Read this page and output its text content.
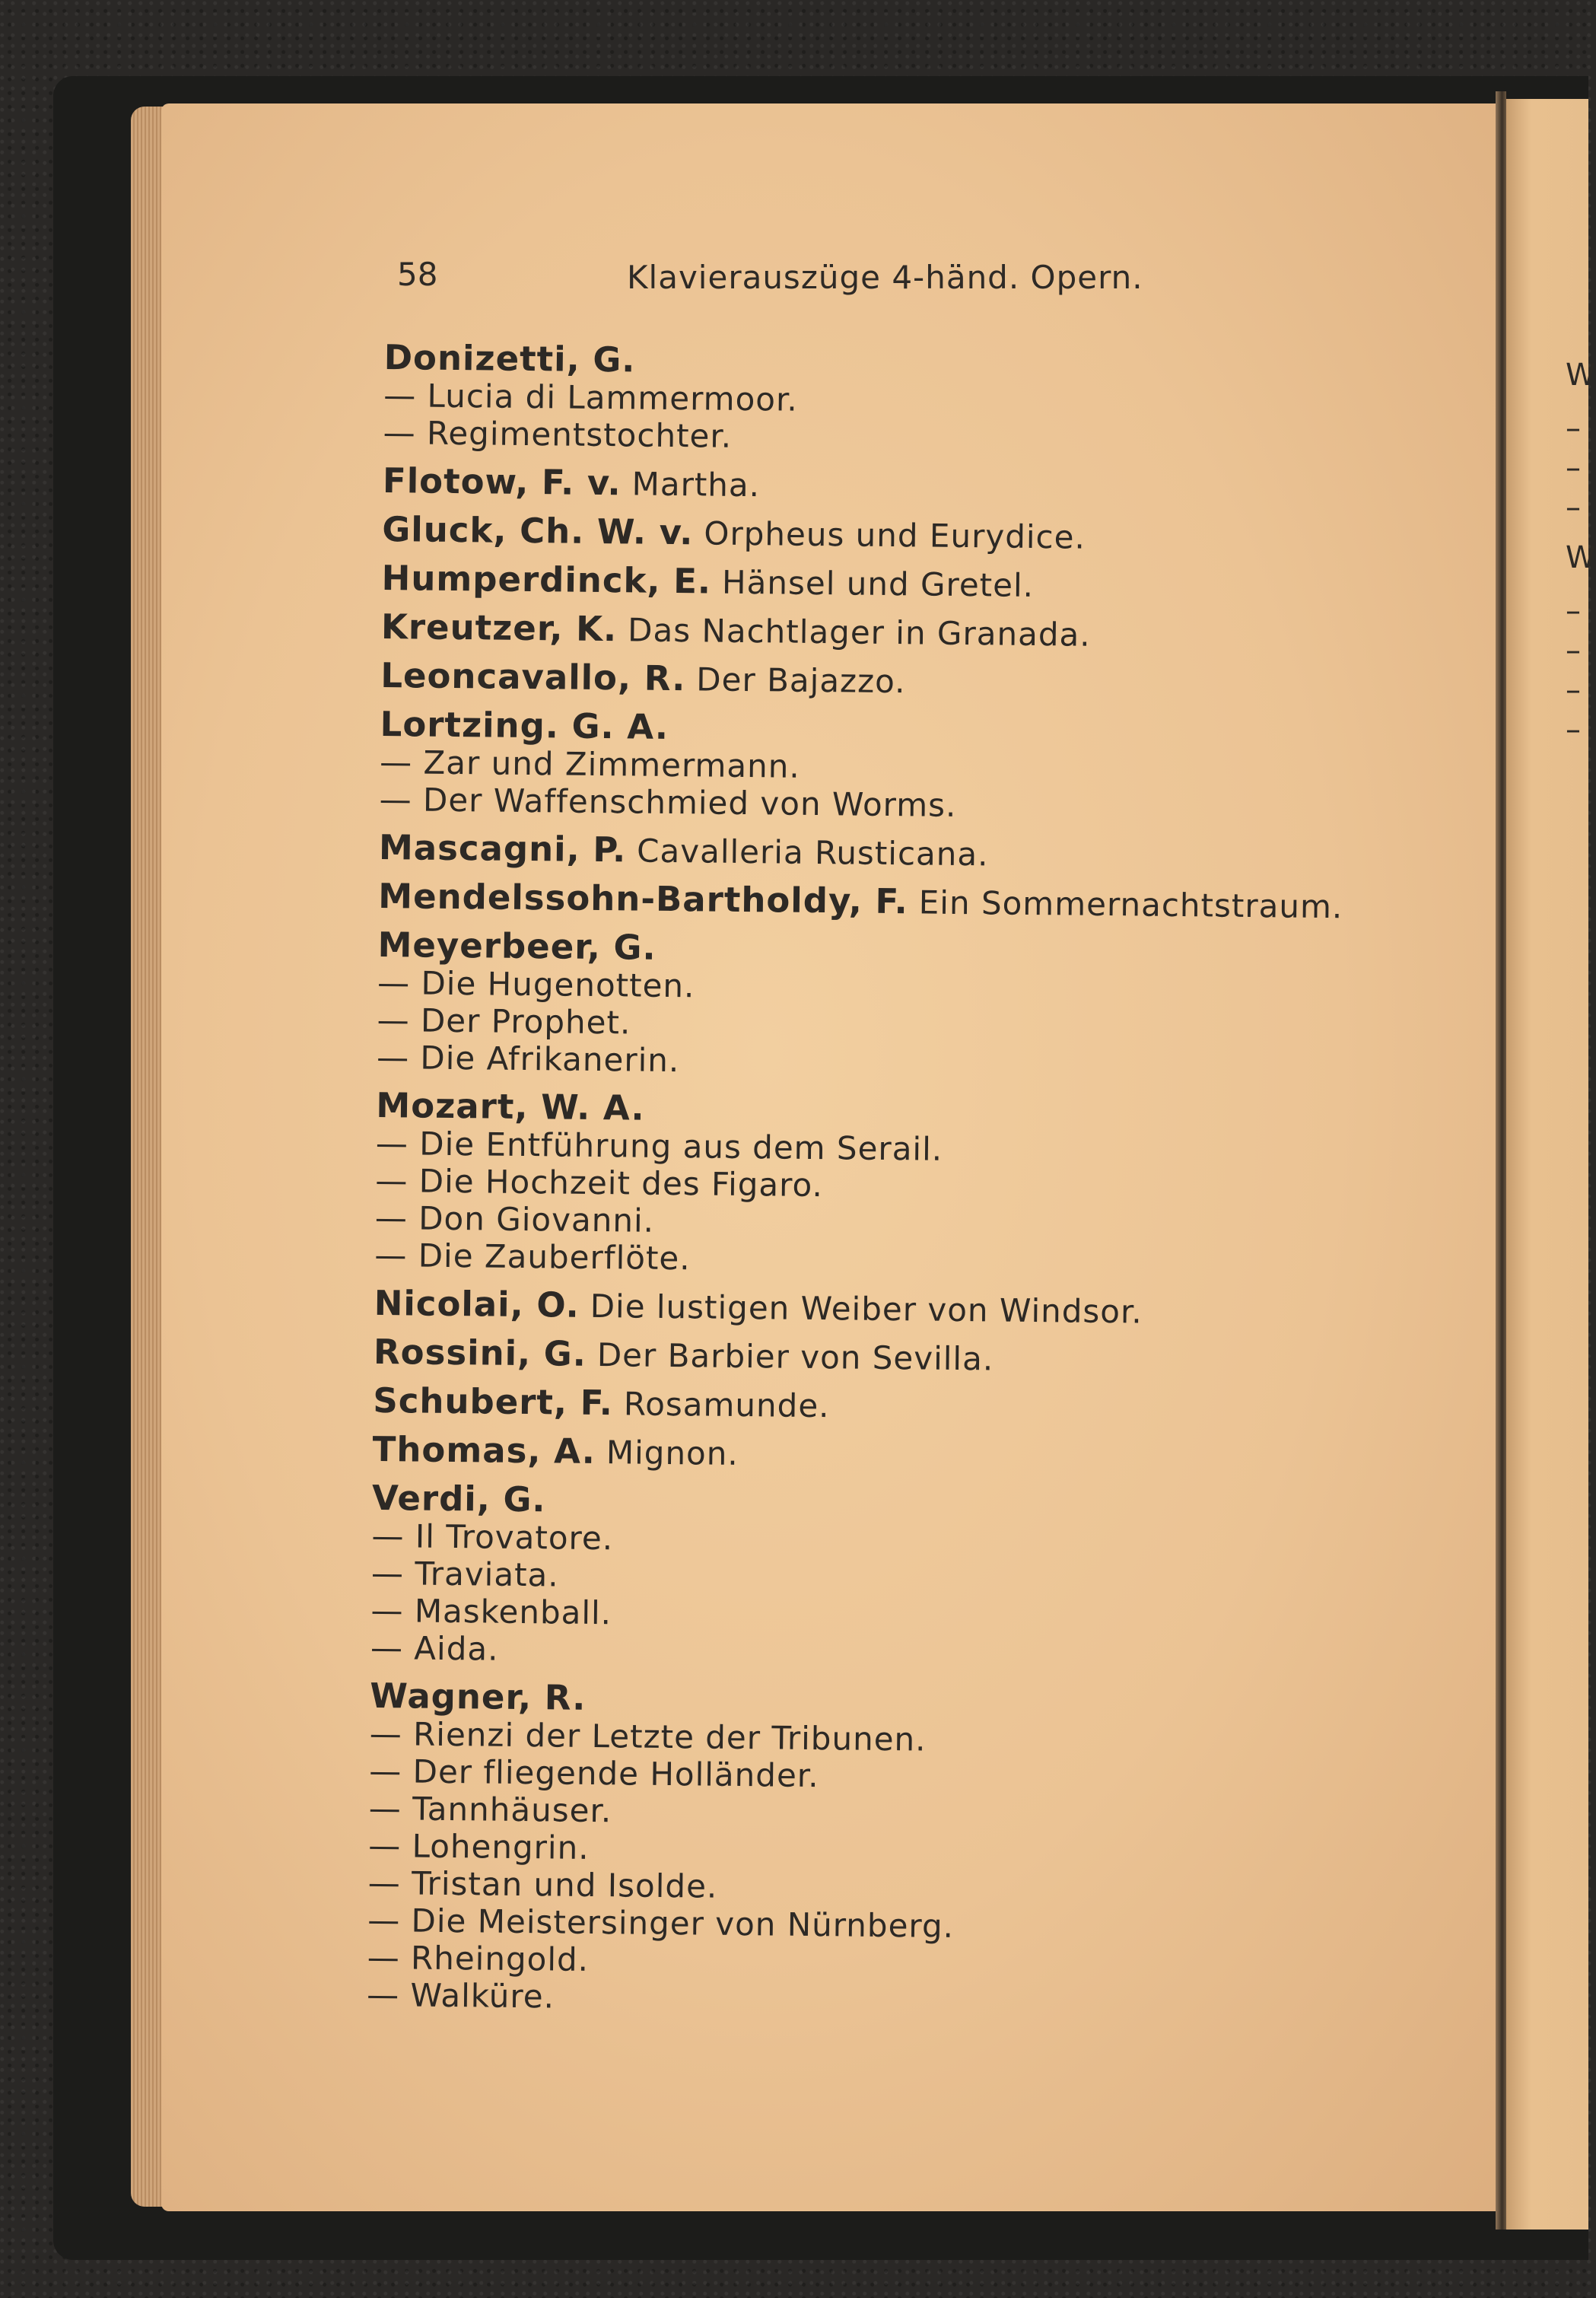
58	Klavierauszüge 4-händ. Opern.
Donizetti, G.
— Lucia di Lammermoor.
— Regimentstochter.
Flotow, F. v. Martha.
Gluck, Ch. W. v. Orpheus und Eurydice.
Humperdinck, E. Hänsel und Gretel.
Kreutzer, K. Das Nachtlager in Granada.
Leoncavallo, R. Der Bajazzo.
Lortzing. G. A.
— Zar und Zimmermann.
— Der Waffenschmied von Worms.
Mascagni, P. Cavalleria Rusticana.
Mendelssohn-Bartholdy, F. Ein Sommernachtstraum.
Meyerbeer, G.
— Die Hugenotten.
— Der Prophet.
— Die Afrikanerin.
Mozart, W. A.
— Die Entführung aus dem Serail.
— Die Hochzeit des Figaro.
— Don Giovanni.
— Die Zauberflöte.
Nicolai, O. Die lustigen Weiber von Windsor.
Rossini, G. Der Barbier von Sevilla.
Schubert, F. Rosamunde.
Thomas, A. Mignon.
Verdi, G.
— Il Trovatore.
— Traviata.
— Maskenball.
— Aida.
Wagner, R.
— Rienzi der Letzte der Tribunen.
— Der fliegende Holländer.
— Tannhäuser.
— Lohengrin.
— Tristan und Isolde.
— Die Meistersinger von Nürnberg.
— Rheingold.
— Walküre.
W
–
–
–
W
–
–
–
–
